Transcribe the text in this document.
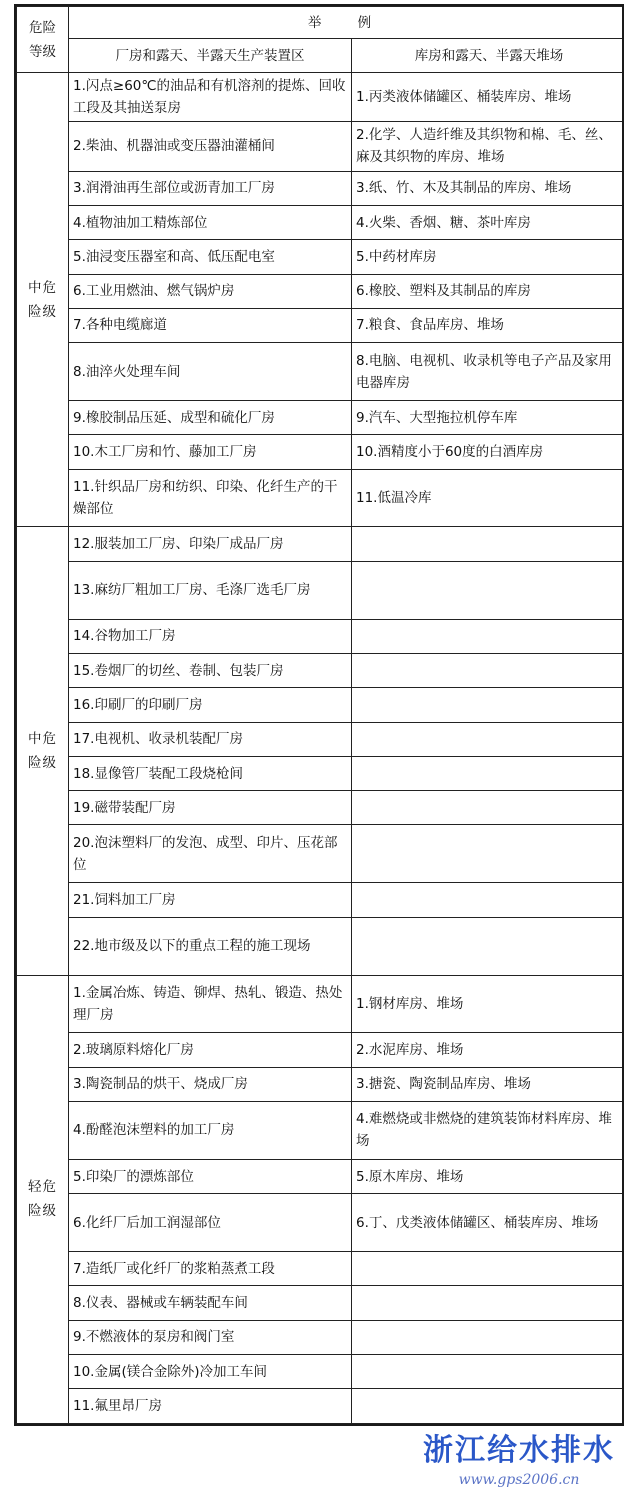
危险
等级	举 例	
	厂房和露天、半露天生产装置区	库房和露天、半露天堆场
中危
险级	1.闪点≥60℃的油品和有机溶剂的提炼、回收工段及其抽送泵房	1.丙类液体储罐区、桶装库房、堆场
	2.柴油、机器油或变压器油灌桶间	2.化学、人造纤维及其织物和棉、毛、丝、麻及其织物的库房、堆场
	3.润滑油再生部位或沥青加工厂房	3.纸、竹、木及其制品的库房、堆场
	4.植物油加工精炼部位	4.火柴、香烟、糖、茶叶库房
	5.油浸变压器室和高、低压配电室	5.中药材库房
	6.工业用燃油、燃气锅炉房	6.橡胶、塑料及其制品的库房
	7.各种电缆廊道	7.粮食、食品库房、堆场
	8.油淬火处理车间	8.电脑、电视机、收录机等电子产品及家用电器库房
	9.橡胶制品压延、成型和硫化厂房	9.汽车、大型拖拉机停车库
	10.木工厂房和竹、藤加工厂房	10.酒精度小于60度的白酒库房
	11.针织品厂房和纺织、印染、化纤生产的干燥部位	11.低温冷库
中危
险级	12.服装加工厂房、印染厂成品厂房	
	13.麻纺厂粗加工厂房、毛涤厂选毛厂房	
	14.谷物加工厂房	
	15.卷烟厂的切丝、卷制、包装厂房	
	16.印刷厂的印刷厂房	
	17.电视机、收录机装配厂房	
	18.显像管厂装配工段烧枪间	
	19.磁带装配厂房	
	20.泡沫塑料厂的发泡、成型、印片、压花部位	
	21.饲料加工厂房	
	22.地市级及以下的重点工程的施工现场	
轻危
险级	1.金属冶炼、铸造、铆焊、热轧、锻造、热处理厂房	1.钢材库房、堆场
	2.玻璃原料熔化厂房	2.水泥库房、堆场
	3.陶瓷制品的烘干、烧成厂房	3.搪瓷、陶瓷制品库房、堆场
	4.酚醛泡沫塑料的加工厂房	4.难燃烧或非燃烧的建筑装饰材料库房、堆场
	5.印染厂的漂炼部位	5.原木库房、堆场
	6.化纤厂后加工润湿部位	6.丁、戊类液体储罐区、桶装库房、堆场
	7.造纸厂或化纤厂的浆粕蒸煮工段	
	8.仪表、器械或车辆装配车间	
	9.不燃液体的泵房和阀门室	
	10.金属(镁合金除外)冷加工车间	
	11.氟里昂厂房	
浙江给水排水
www.gps2006.cn
